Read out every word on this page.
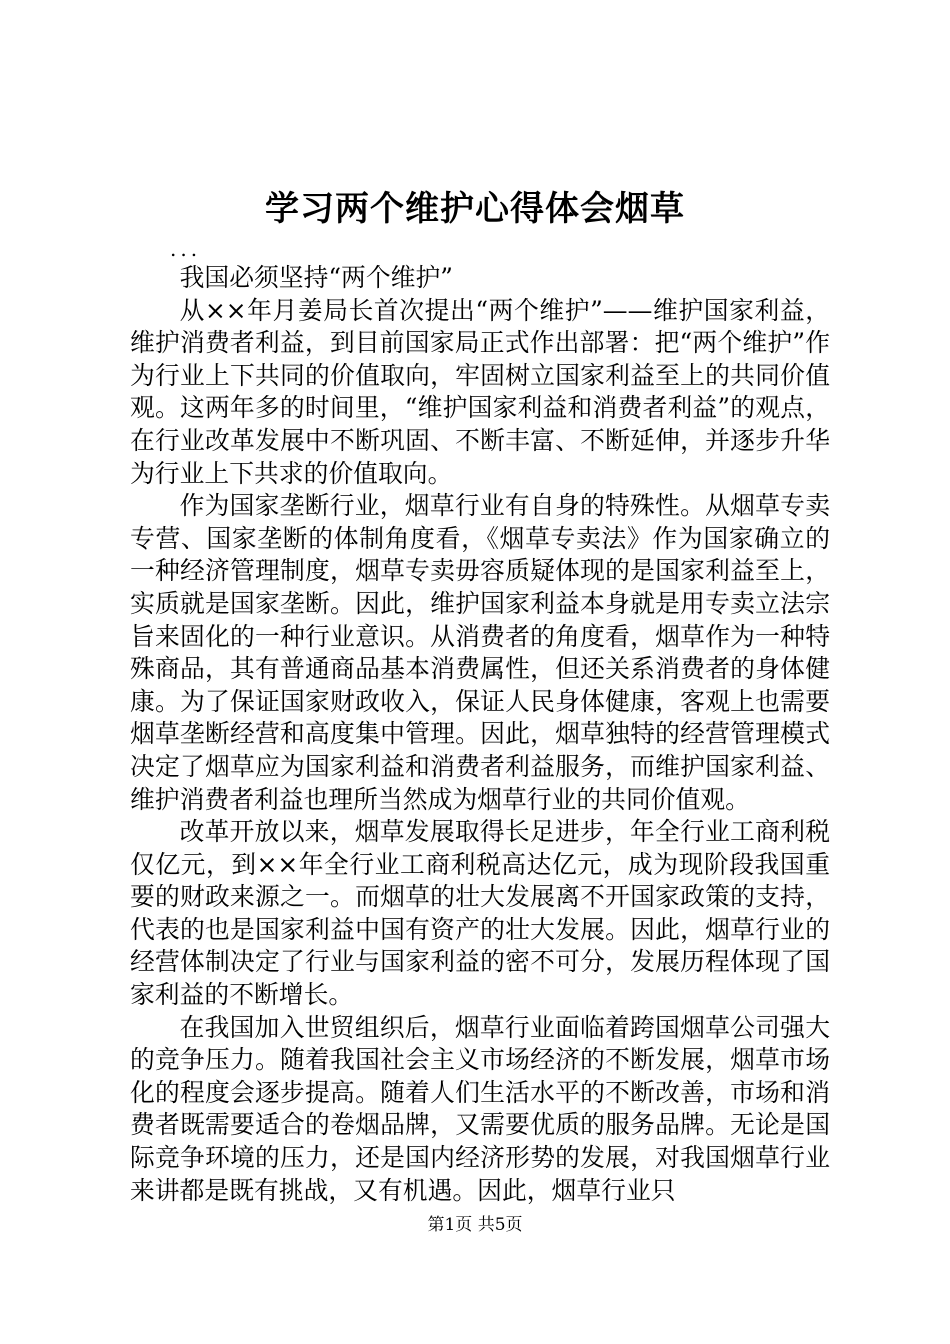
学习两个维护心得体会烟草

...

我国必须坚持“两个维护”

从××年月姜局长首次提出“两个维护”——维护国家利益，维护消费者利益，到目前国家局正式作出部署：把“两个维护”作为行业上下共同的价值取向，牢固树立国家利益至上的共同价值观。这两年多的时间里，“维护国家利益和消费者利益”的观点，在行业改革发展中不断巩固、不断丰富、不断延伸，并逐步升华为行业上下共求的价值取向。

作为国家垄断行业，烟草行业有自身的特殊性。从烟草专卖专营、国家垄断的体制角度看，《烟草专卖法》作为国家确立的一种经济管理制度，烟草专卖毋容质疑体现的是国家利益至上，实质就是国家垄断。因此，维护国家利益本身就是用专卖立法宗旨来固化的一种行业意识。从消费者的角度看，烟草作为一种特殊商品，其有普通商品基本消费属性，但还关系消费者的身体健康。为了保证国家财政收入，保证人民身体健康，客观上也需要烟草垄断经营和高度集中管理。因此，烟草独特的经营管理模式决定了烟草应为国家利益和消费者利益服务，而维护国家利益、维护消费者利益也理所当然成为烟草行业的共同价值观。

改革开放以来，烟草发展取得长足进步，年全行业工商利税仅亿元，到××年全行业工商利税高达亿元，成为现阶段我国重要的财政来源之一。而烟草的壮大发展离不开国家政策的支持，代表的也是国家利益中国有资产的壮大发展。因此，烟草行业的经营体制决定了行业与国家利益的密不可分，发展历程体现了国家利益的不断增长。

在我国加入世贸组织后，烟草行业面临着跨国烟草公司强大的竞争压力。随着我国社会主义市场经济的不断发展，烟草市场化的程度会逐步提高。随着人们生活水平的不断改善，市场和消费者既需要适合的卷烟品牌，又需要优质的服务品牌。无论是国际竞争环境的压力，还是国内经济形势的发展，对我国烟草行业来讲都是既有挑战，又有机遇。因此，烟草行业只

第1页 共5页
